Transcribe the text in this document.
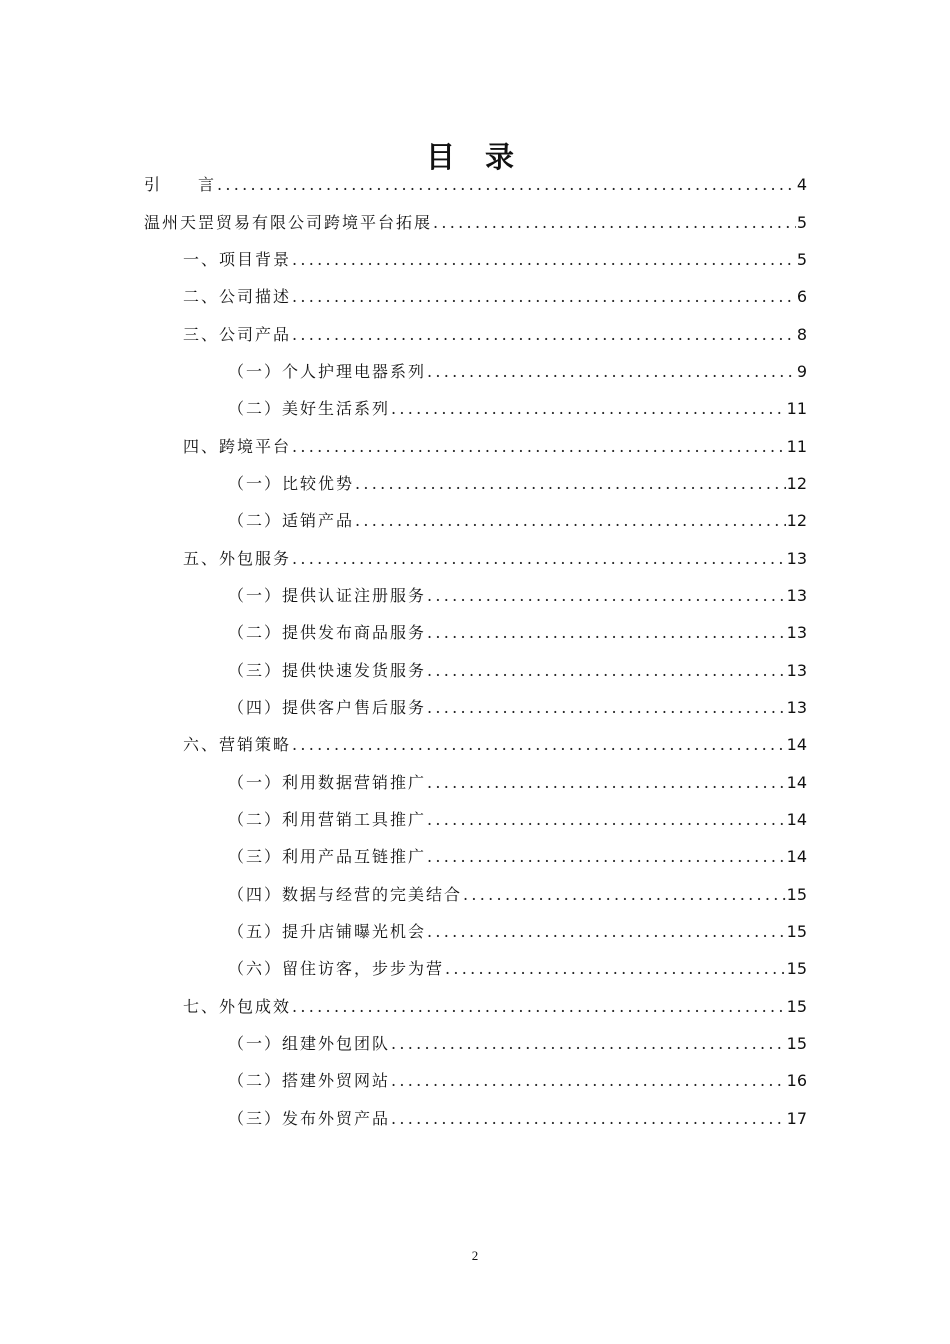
目 录
引　　言 .....	4
温州天罡贸易有限公司跨境平台拓展 .....	5
一、项目背景 .....	5
二、公司描述 .....	6
三、公司产品 .....	8
（一）个人护理电器系列 .....	9
（二）美好生活系列 .....	11
四、跨境平台 .....	11
（一）比较优势 .....	12
（二）适销产品 .....	12
五、外包服务 .....	13
（一）提供认证注册服务 .....	13
（二）提供发布商品服务 .....	13
（三）提供快速发货服务 .....	13
（四）提供客户售后服务 .....	13
六、营销策略 .....	14
（一）利用数据营销推广 .....	14
（二）利用营销工具推广 .....	14
（三）利用产品互链推广 .....	14
（四）数据与经营的完美结合 .....	15
（五）提升店铺曝光机会 .....	15
（六）留住访客，步步为营 .....	15
七、外包成效 .....	15
（一）组建外包团队 .....	15
（二）搭建外贸网站 .....	16
（三）发布外贸产品 .....	17
2
